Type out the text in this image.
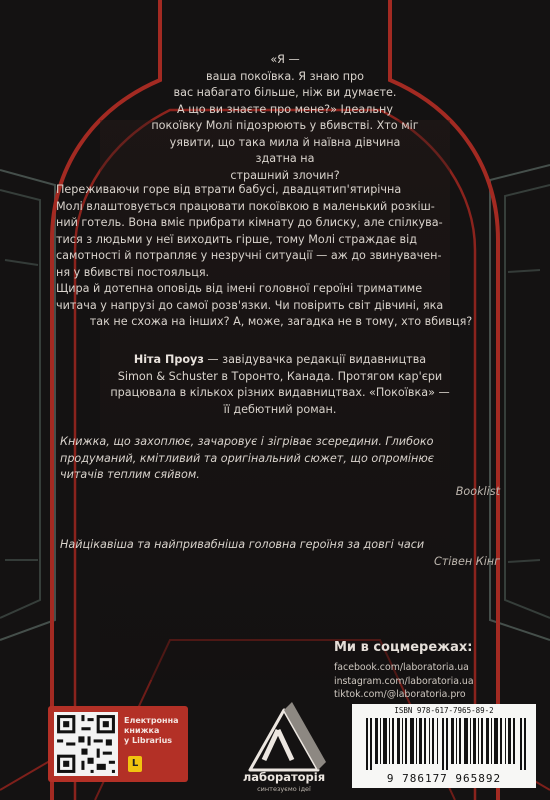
«Я —
ваша покоївка. Я знаю про
вас набагато більше, ніж ви думаєте.
А що ви знаєте про мене?» Ідеальну
покоївку Молі підозрюють у вбивстві. Хто міг
уявити, що така мила й наївна дівчина здатна на
страшний злочин?
Переживаючи горе від втрати бабусі, двадцятип'ятирічна
Молі влаштовується працювати покоївкою в маленький розкіш-
ний готель. Вона вміє прибрати кімнату до блиску, але спілкува-
тися з людьми у неї виходить гірше, тому Молі страждає від
самотності й потрапляє у незручні ситуації — аж до звинувачен-
ня у вбивстві постояльця.
Щира й дотепна оповідь від імені головної героїні триматиме
читача у напрузі до самої розв'язки. Чи повірить світ дівчині, яка
так не схожа на інших? А, може, загадка не в тому, хто вбивця?
Ніта Проуз — завідувачка редакції видавництва
Simon & Schuster в Торонто, Канада. Протягом кар'єри
працювала в кількох різних видавництвах. «Покоївка» —
її дебютний роман.
Книжка, що захоплює, зачаровує і зігріває зсередини. Глибоко
продуманий, кмітливий та оригінальний сюжет, що опромінює
читачів теплим сяйвом.
Booklist
Найцікавіша та найпривабніша головна героїня за довгі часи
Стівен Кінг
Ми в соцмережах:
facebook.com/laboratoria.ua
instagram.com/laboratoria.ua
tiktok.com/@laboratoria.pro
Електронна
книжка
у Librarius
L
лабораторія
синтезуємо ідеї
ISBN 978-617-7965-89-2
9 786177 965892
